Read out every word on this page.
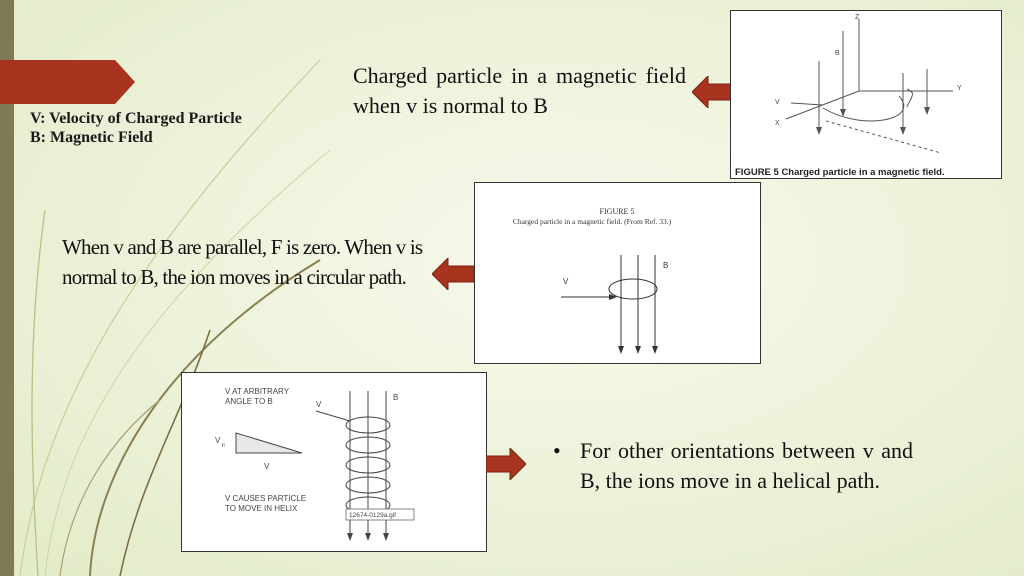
V: Velocity of Charged Particle
B: Magnetic Field
Charged particle in a magnetic field when v is normal to B
Z
B
Y
V
X
FIGURE 5 Charged particle in a magnetic field.
When v and B are parallel, F is zero. When v is normal to B, the ion moves in a circular path.
FIGURE 5
Charged particle in a magnetic field. (From Ref. 33.)
V
B
V AT ARBITRARY
ANGLE TO B	V
B
V
II
V
V CAUSES PARTICLE
TO MOVE IN HELIX
12674-0129a.gif
• For other orientations between v and B, the ions move in a helical path.
